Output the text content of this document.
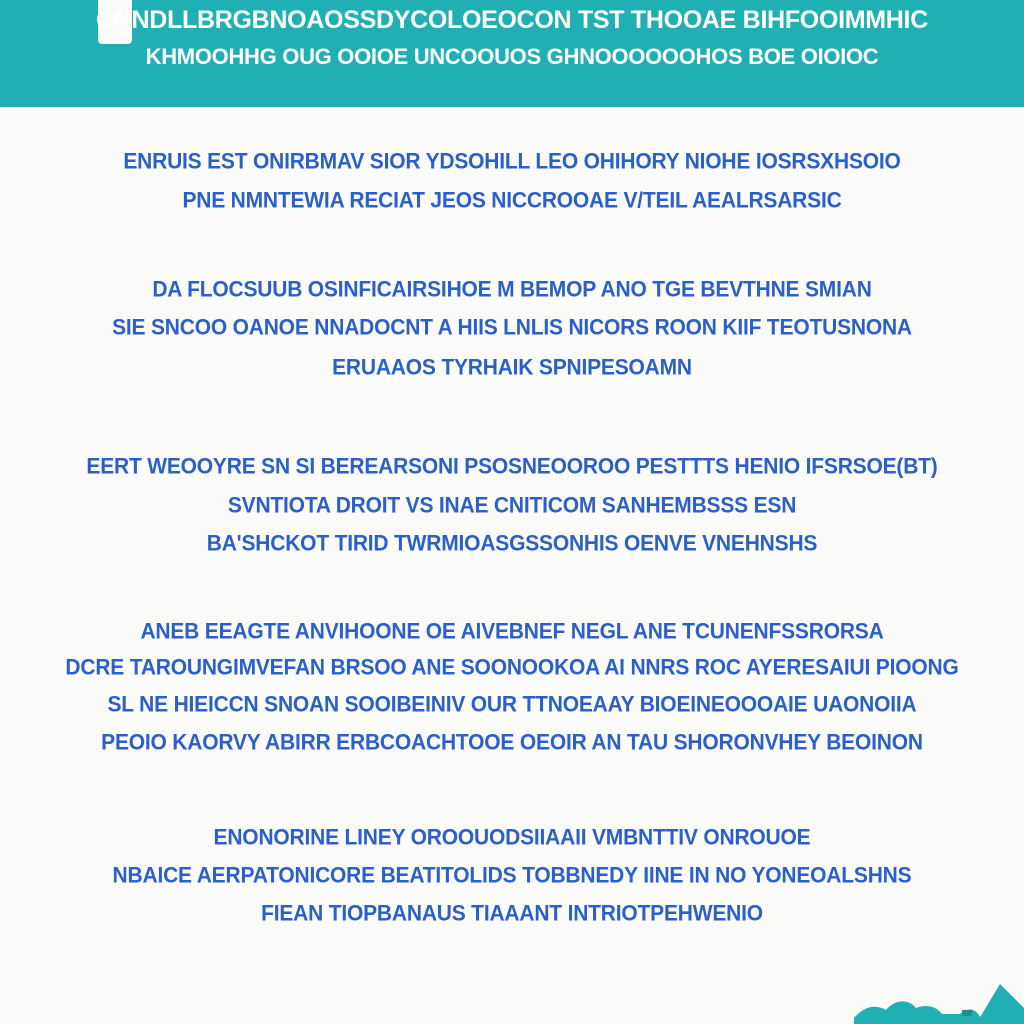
CNNDLLBRGBNOAOSSDYCOLOEOCON TST THOOAE BIHFOOIMMHIC
KHMOOHHG OUG OOIOE UNCOOUOS GHNOOOOOOHOS BOE OIOIOC
ENRUIS EST ONIRBMAV SIOR YDSOHILL LEO OHIHORY NIOHE IOSRSXHSOIO
PNE NMNTEWIA RECIAT JEOS NICCROOAE V/TEIL AEALRSARSIC
DA FLOCSUUB OSINFICAIRSIHOE M BEMOP ANO TGE BEVTHNE SMIAN
SIE SNCOO OANOE NNADOCNT A HIIS LNLIS NICORS ROON KIIF TEOTUSNONA
ERUAAOS TYRHAIK SPNIPESOAMN
EERT WEOOYRE SN SI BEREARSONI PSOSNEOOROO PESTTTS HENIO IFSRSOE(BT)
SVNTIOTA DROIT VS INAE CNITICOM SANHEMBSSS ESN
BA'SHCKOT TIRID TWRMIOASGSSONHIS OENVE VNEHNSHS
ANEB EEAGTE ANVIHOONE OE AIVEBNEF NEGL ANE TCUNENFSSRORSA
DCRE TAROUNGIMVEFAN BRSOO ANE SOONOOKOA AI NNRS ROC AYERESAIUI PIOONG
SL NE HIEICCN SNOAN SOOIBEINIV OUR TTNOEAAY BIOEINEOOOAIE UAONOIIA
PEOIO KAORVY ABIRR ERBCOACHTOOE OEOIR AN TAU SHORONVHEY BEOINON
ENONORINE LINEY OROOUODSIIAAII VMBNTTIV ONROUOE
NBAICE AERPATONICORE BEATITOLIDS TOBBNEDY IINE IN NO YONEOALSHNS
FIEAN TIOPBANAUS TIAAANT INTRIOTPEHWENIO
